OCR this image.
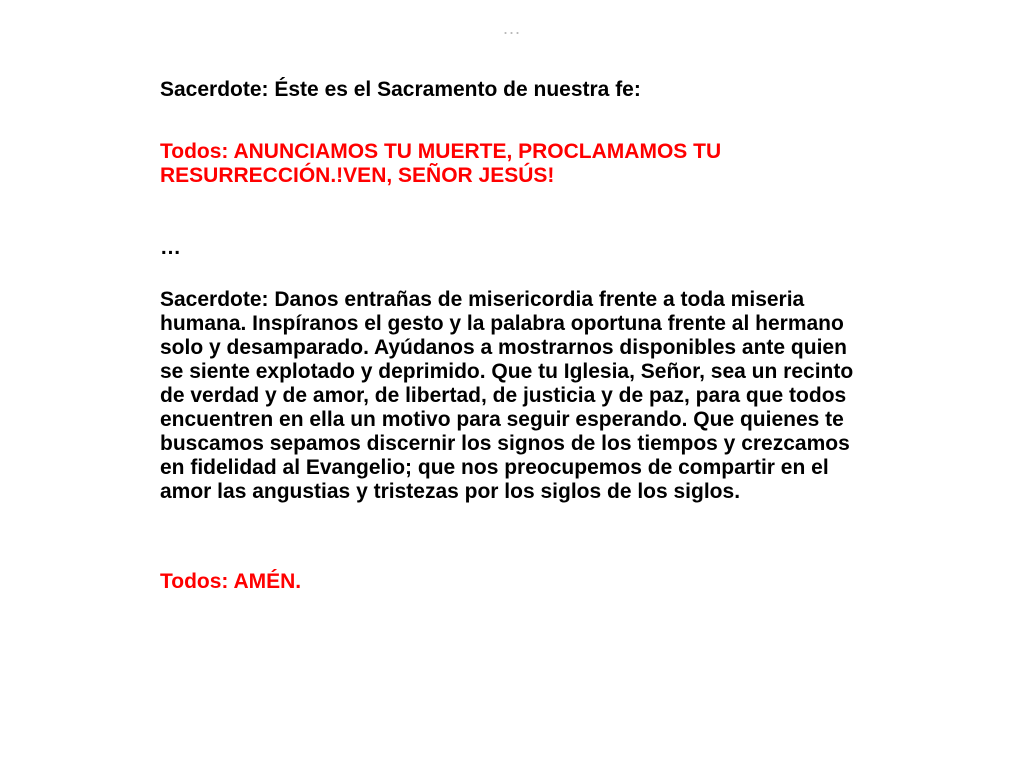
...

Sacerdote: Éste es el Sacramento de nuestra fe:

Todos: ANUNCIAMOS TU MUERTE, PROCLAMAMOS TU RESURRECCIÓN.!VEN, SEÑOR JESÚS!

…

Sacerdote: Danos entrañas de misericordia frente a toda miseria humana. Inspíranos el gesto y la palabra oportuna frente al hermano solo y desamparado. Ayúdanos a mostrarnos disponibles ante quien se siente explotado y deprimido. Que tu Iglesia, Señor, sea un recinto de verdad y de amor, de libertad, de justicia y de paz, para que todos encuentren en ella un motivo para seguir esperando. Que quienes te buscamos sepamos discernir los signos de los tiempos y crezcamos en fidelidad al Evangelio; que nos preocupemos de compartir en el amor las angustias y tristezas por los siglos de los siglos.

Todos: AMÉN.
